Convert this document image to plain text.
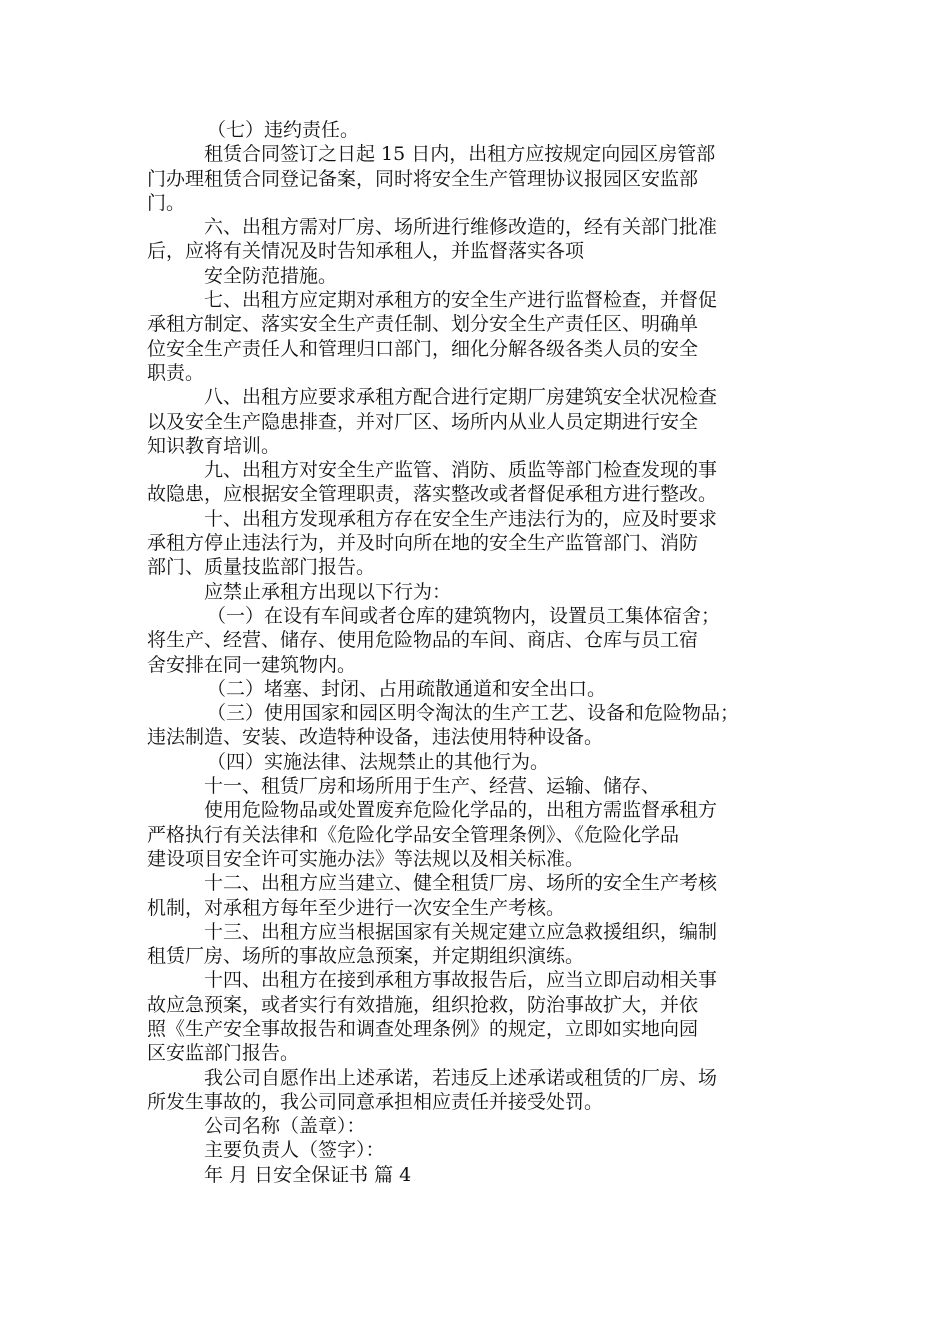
（七）违约责任。
租赁合同签订之日起 15 日内，出租方应按规定向园区房管部
门办理租赁合同登记备案，同时将安全生产管理协议报园区安监部
门。
六、出租方需对厂房、场所进行维修改造的，经有关部门批准
后，应将有关情况及时告知承租人，并监督落实各项
安全防范措施。
七、出租方应定期对承租方的安全生产进行监督检查，并督促
承租方制定、落实安全生产责任制、划分安全生产责任区、明确单
位安全生产责任人和管理归口部门，细化分解各级各类人员的安全
职责。
八、出租方应要求承租方配合进行定期厂房建筑安全状况检查
以及安全生产隐患排查，并对厂区、场所内从业人员定期进行安全
知识教育培训。
九、出租方对安全生产监管、消防、质监等部门检查发现的事
故隐患，应根据安全管理职责，落实整改或者督促承租方进行整改。
十、出租方发现承租方存在安全生产违法行为的，应及时要求
承租方停止违法行为，并及时向所在地的安全生产监管部门、消防
部门、质量技监部门报告。
应禁止承租方出现以下行为：
（一）在设有车间或者仓库的建筑物内，设置员工集体宿舍；
将生产、经营、储存、使用危险物品的车间、商店、仓库与员工宿
舍安排在同一建筑物内。
（二）堵塞、封闭、占用疏散通道和安全出口。
（三）使用国家和园区明令淘汰的生产工艺、设备和危险物品；
违法制造、安装、改造特种设备，违法使用特种设备。
（四）实施法律、法规禁止的其他行为。
十一、租赁厂房和场所用于生产、经营、运输、储存、
使用危险物品或处置废弃危险化学品的，出租方需监督承租方
严格执行有关法律和《危险化学品安全管理条例》、《危险化学品
建设项目安全许可实施办法》等法规以及相关标准。
十二、出租方应当建立、健全租赁厂房、场所的安全生产考核
机制，对承租方每年至少进行一次安全生产考核。
十三、出租方应当根据国家有关规定建立应急救援组织，编制
租赁厂房、场所的事故应急预案，并定期组织演练。
十四、出租方在接到承租方事故报告后，应当立即启动相关事
故应急预案，或者实行有效措施，组织抢救，防治事故扩大，并依
照《生产安全事故报告和调查处理条例》的规定，立即如实地向园
区安监部门报告。
我公司自愿作出上述承诺，若违反上述承诺或租赁的厂房、场
所发生事故的，我公司同意承担相应责任并接受处罚。
公司名称（盖章）：
主要负责人（签字）：
年 月 日安全保证书 篇 4
